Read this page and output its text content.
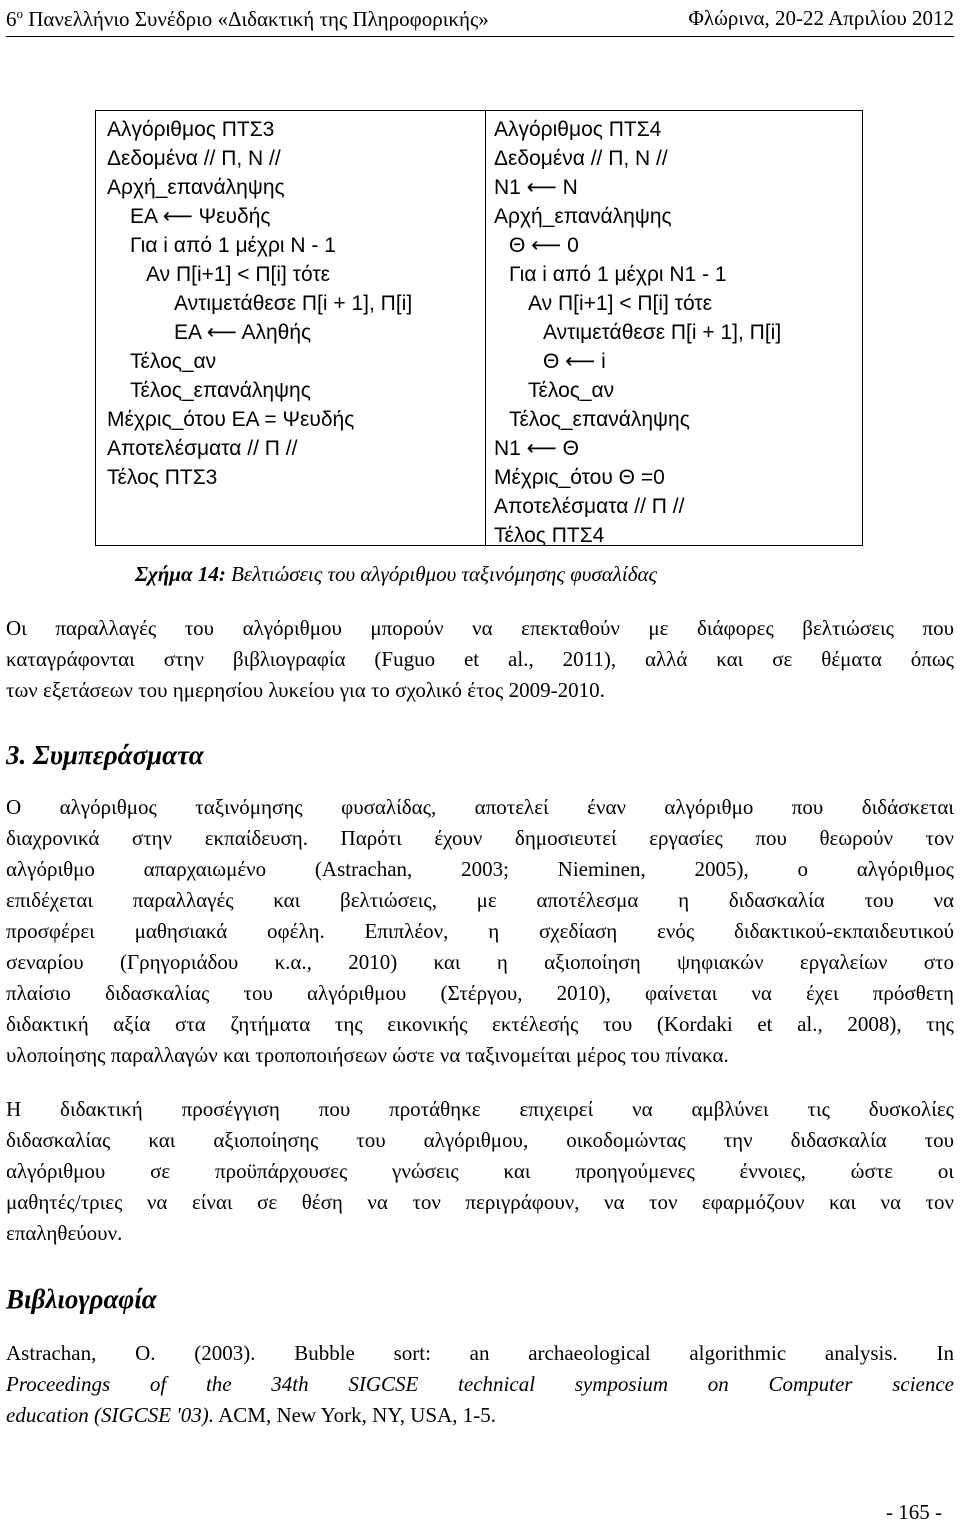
$6^o$ Πανελλήνιο Συνέδριο «Διδακτική της Πληροφορικής»	Φλώρινα, 20-22 Απριλίου 2012
Αλγόριθμος ΠΤΣ3
Δεδομένα // Π, Ν //
Αρχή_επανάληψης
ΕΑ ⟵ Ψευδής
Για i από 1 μέχρι Ν - 1
Αν Π[i+1] < Π[i] τότε
Αντιμετάθεσε Π[i + 1], Π[i]
ΕΑ ⟵ Αληθής
Τέλος_αν
Τέλος_επανάληψης
Μέχρις_ότου ΕΑ = Ψευδής
Αποτελέσματα // Π //
Τέλος ΠΤΣ3
Αλγόριθμος ΠΤΣ4
Δεδομένα // Π, Ν //
Ν1 ⟵ Ν
Αρχή_επανάληψης
Θ ⟵ 0
Για i από 1 μέχρι Ν1 - 1
Αν Π[i+1] < Π[i] τότε
Αντιμετάθεσε Π[i + 1], Π[i]
Θ ⟵ i
Τέλος_αν
Τέλος_επανάληψης
Ν1 ⟵ Θ
Μέχρις_ότου Θ =0
Αποτελέσματα // Π //
Τέλος ΠΤΣ4
Σχήμα 14: Βελτιώσεις του αλγόριθμου ταξινόμησης φυσαλίδας
Οι παραλλαγές του αλγόριθμου μπορούν να επεκταθούν με διάφορες βελτιώσεις που
καταγράφονται στην βιβλιογραφία (Fuguo et al., 2011), αλλά και σε θέματα όπως
των εξετάσεων του ημερησίου λυκείου για το σχολικό έτος 2009-2010.
3. Συμπεράσματα
Ο αλγόριθμος ταξινόμησης φυσαλίδας, αποτελεί έναν αλγόριθμο που διδάσκεται
διαχρονικά στην εκπαίδευση. Παρότι έχουν δημοσιευτεί εργασίες που θεωρούν τον
αλγόριθμο απαρχαιωμένο (Astrachan, 2003; Nieminen, 2005), ο αλγόριθμος
επιδέχεται παραλλαγές και βελτιώσεις, με αποτέλεσμα η διδασκαλία του να
προσφέρει μαθησιακά οφέλη. Επιπλέον, η σχεδίαση ενός διδακτικού-εκπαιδευτικού
σεναρίου (Γρηγοριάδου κ.α., 2010) και η αξιοποίηση ψηφιακών εργαλείων στο
πλαίσιο διδασκαλίας του αλγόριθμου (Στέργου, 2010), φαίνεται να έχει πρόσθετη
διδακτική αξία στα ζητήματα της εικονικής εκτέλεσής του (Kordaki et al., 2008), της
υλοποίησης παραλλαγών και τροποποιήσεων ώστε να ταξινομείται μέρος του πίνακα.
Η διδακτική προσέγγιση που προτάθηκε επιχειρεί να αμβλύνει τις δυσκολίες
διδασκαλίας και αξιοποίησης του αλγόριθμου, οικοδομώντας την διδασκαλία του
αλγόριθμου σε προϋπάρχουσες γνώσεις και προηγούμενες έννοιες, ώστε οι
μαθητές/τριες να είναι σε θέση να τον περιγράφουν, να τον εφαρμόζουν και να τον
επαληθεύουν.
Βιβλιογραφία
Astrachan, O. (2003). Bubble sort: an archaeological algorithmic analysis. In
Proceedings of the 34th SIGCSE technical symposium on Computer science
education (SIGCSE '03). ACM, New York, NY, USA, 1-5.
- 165 -
